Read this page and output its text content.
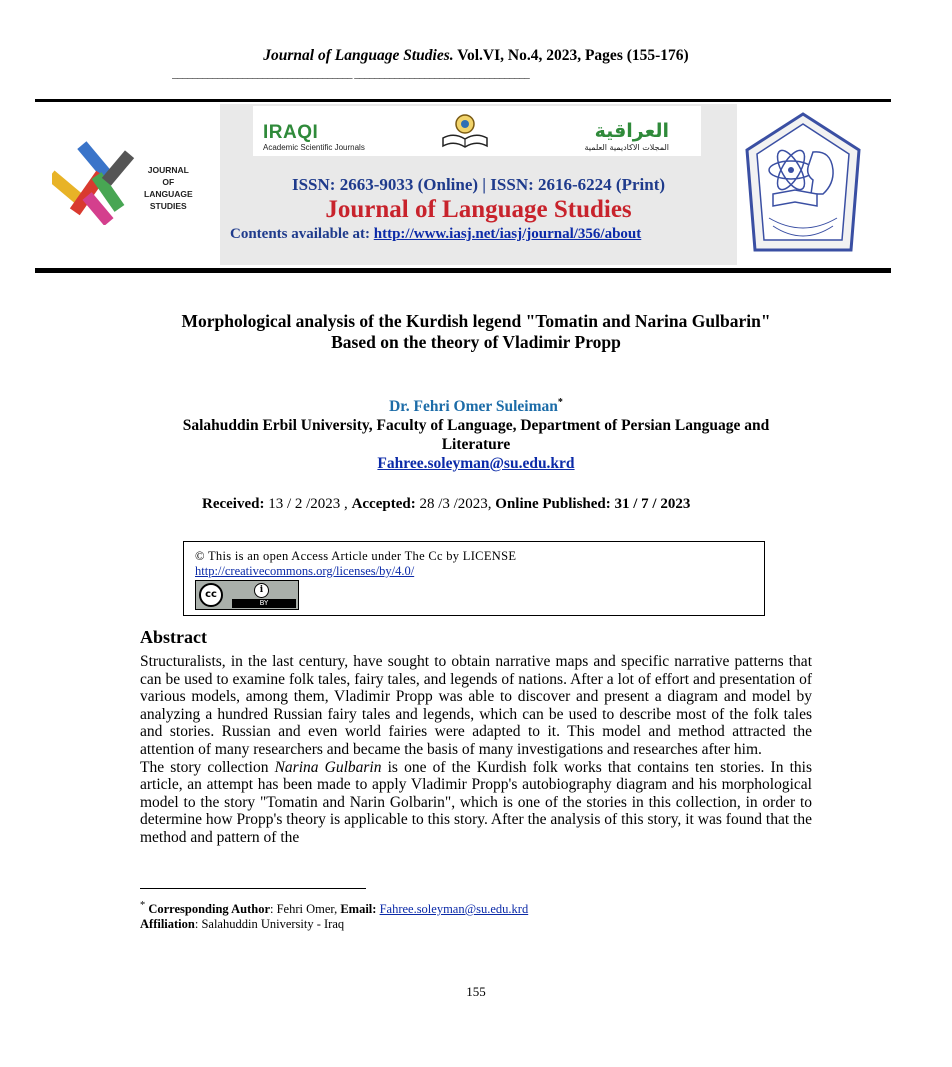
Journal of Language Studies. Vol.VI, No.4, 2023, Pages (155-176)
____________________________________ ___________________________________
JOURNAL
OF
LANGUAGE
STUDIES
IRAQI
Academic Scientific Journals
العراقية
المجلات الاكاديمية العلمية
ISSN: 2663-9033 (Online) | ISSN: 2616-6224 (Print)
Journal of Language Studies
Contents available at: http://www.iasj.net/iasj/journal/356/about
Morphological analysis of the Kurdish legend "Tomatin and Narina Gulbarin"
Based on the theory of Vladimir Propp
Dr. Fehri Omer Suleiman*
Salahuddin Erbil University, Faculty of Language, Department of Persian Language and Literature
Fahree.soleyman@su.edu.krd
Received: 13 / 2 /2023 , Accepted: 28 /3 /2023, Online Published: 31 / 7 / 2023
© This is an open Access Article under The Cc by LICENSE
http://creativecommons.org/licenses/by/4.0/
cc	i
BY
Abstract

Structuralists, in the last century, have sought to obtain narrative maps and specific narrative patterns that can be used to examine folk tales, fairy tales, and legends of nations. After a lot of effort and presentation of various models, among them, Vladimir Propp was able to discover and present a diagram and model by analyzing a hundred Russian fairy tales and legends, which can be used to describe most of the folk tales and stories. Russian and even world fairies were adapted to it. This model and method attracted the attention of many researchers and became the basis of many investigations and researches after him.

The story collection Narina Gulbarin is one of the Kurdish folk works that contains ten stories. In this article, an attempt has been made to apply Vladimir Propp's autobiography diagram and his morphological model to the story "Tomatin and Narin Golbarin", which is one of the stories in this collection, in order to determine how Propp's theory is applicable to this story. After the analysis of this story, it was found that the method and pattern of the

* Corresponding Author: Fehri Omer, Email: Fahree.soleyman@su.edu.krd
Affiliation: Salahuddin University - Iraq
155
